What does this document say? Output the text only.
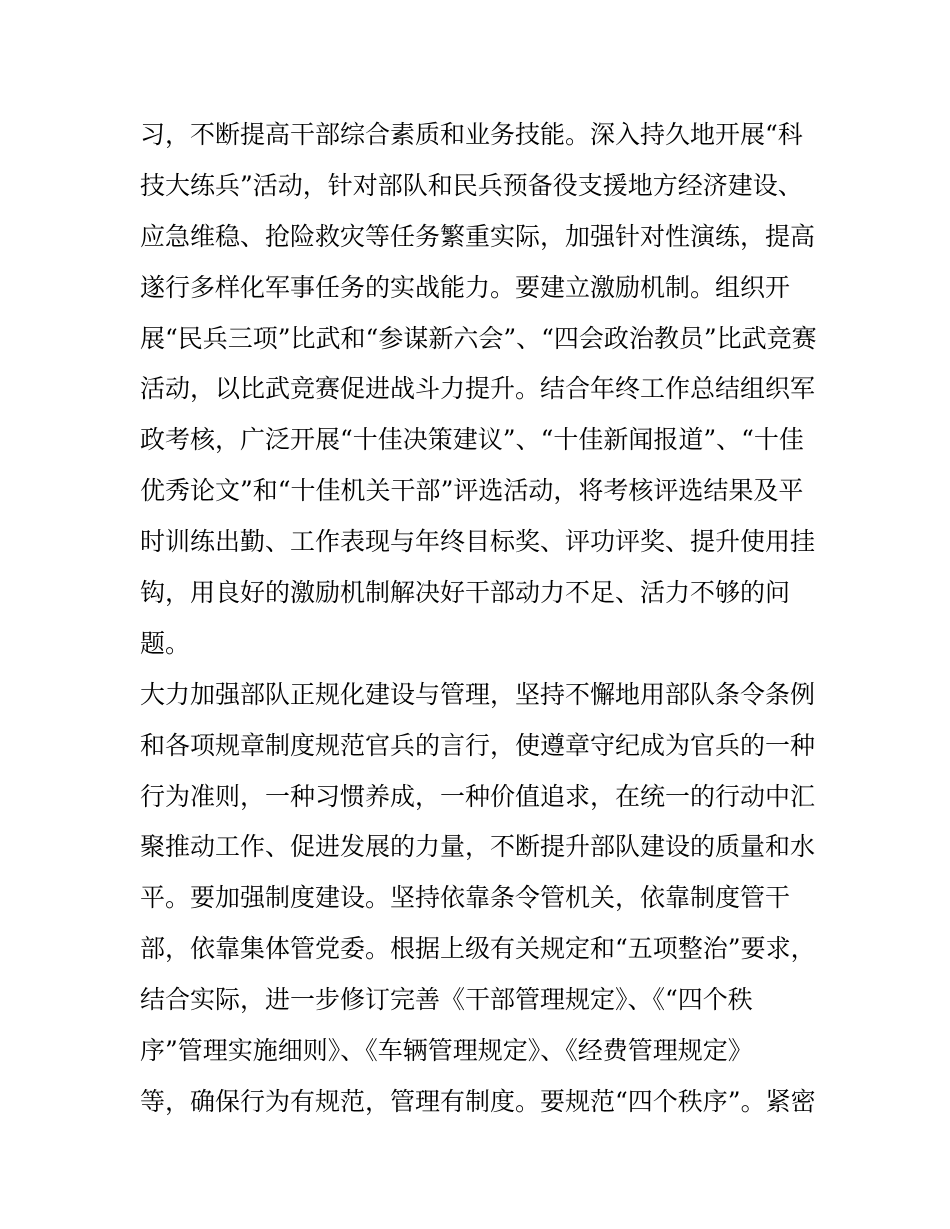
习，不断提高干部综合素质和业务技能。深入持久地开展“科
技大练兵”活动，针对部队和民兵预备役支援地方经济建设、
应急维稳、抢险救灾等任务繁重实际，加强针对性演练，提高
遂行多样化军事任务的实战能力。要建立激励机制。组织开
展“民兵三项”比武和“参谋新六会”、“四会政治教员”比武竞赛
活动，以比武竞赛促进战斗力提升。结合年终工作总结组织军
政考核，广泛开展“十佳决策建议”、“十佳新闻报道”、“十佳
优秀论文”和“十佳机关干部”评选活动，将考核评选结果及平
时训练出勤、工作表现与年终目标奖、评功评奖、提升使用挂
钩，用良好的激励机制解决好干部动力不足、活力不够的问
题。
大力加强部队正规化建设与管理，坚持不懈地用部队条令条例
和各项规章制度规范官兵的言行，使遵章守纪成为官兵的一种
行为准则，一种习惯养成，一种价值追求，在统一的行动中汇
聚推动工作、促进发展的力量，不断提升部队建设的质量和水
平。要加强制度建设。坚持依靠条令管机关，依靠制度管干
部，依靠集体管党委。根据上级有关规定和“五项整治”要求，
结合实际，进一步修订完善《干部管理规定》、《“四个秩
序”管理实施细则》、《车辆管理规定》、《经费管理规定》
等，确保行为有规范，管理有制度。要规范“四个秩序”。紧密
